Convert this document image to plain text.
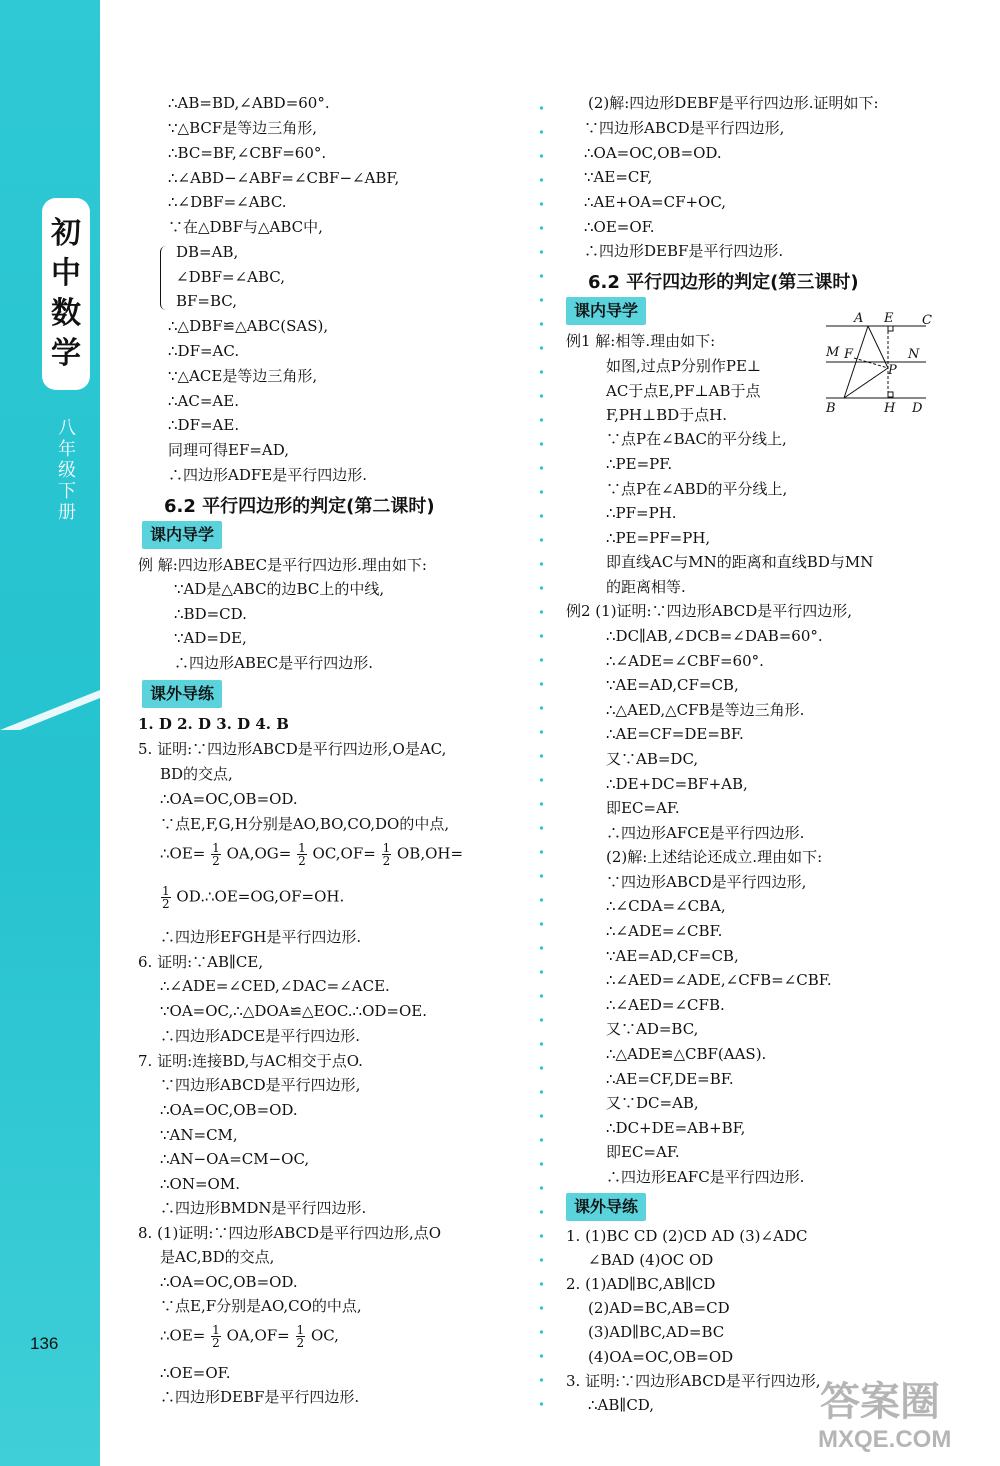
初
中
数
学
八
年
级
下
册
136
∴AB=BD,∠ABD=60°.
∵△BCF是等边三角形,
∴BC=BF,∠CBF=60°.
∴∠ABD−∠ABF=∠CBF−∠ABF,
∴∠DBF=∠ABC.
∵在△DBF与△ABC中,
DB=AB,
∠DBF=∠ABC,
BF=BC,
∴△DBF≌△ABC(SAS),
∴DF=AC.
∵△ACE是等边三角形,
∴AC=AE.
∴DF=AE.
同理可得EF=AD,
∴四边形ADFE是平行四边形.
6.2 平行四边形的判定(第二课时)
课内导学
例 解:四边形ABEC是平行四边形.理由如下:
∵AD是△ABC的边BC上的中线,
∴BD=CD.
∵AD=DE,
∴四边形ABEC是平行四边形.
课外导练
1. D 2. D 3. D 4. B
5. 证明:∵四边形ABCD是平行四边形,O是AC,
BD的交点,
∴OA=OC,OB=OD.
∵点E,F,G,H分别是AO,BO,CO,DO的中点,
∴OE= $\frac{1}{2} OA,OG= \frac{1}{2} OC,OF= \frac{1}{2} OB,OH=$
$\frac{1}{2}$ OD.∴OE=OG,OF=OH.
∴四边形EFGH是平行四边形.
6. 证明:∵AB∥CE,
∴∠ADE=∠CED,∠DAC=∠ACE.
∵OA=OC,∴△DOA≌△EOC.∴OD=OE.
∴四边形ADCE是平行四边形.
7. 证明:连接BD,与AC相交于点O.
∵四边形ABCD是平行四边形,
∴OA=OC,OB=OD.
∵AN=CM,
∴AN−OA=CM−OC,
∴ON=OM.
∴四边形BMDN是平行四边形.
8. (1)证明:∵四边形ABCD是平行四边形,点O
是AC,BD的交点,
∴OA=OC,OB=OD.
∵点E,F分别是AO,CO的中点,
∴OE= $\frac{1}{2} OA,OF= \frac{1}{2}$ OC,
∴OE=OF.
∴四边形DEBF是平行四边形.
(2)解:四边形DEBF是平行四边形.证明如下:
∵四边形ABCD是平行四边形,
∴OA=OC,OB=OD.
∵AE=CF,
∴AE+OA=CF+OC,
∴OE=OF.
∴四边形DEBF是平行四边形.
6.2 平行四边形的判定(第三课时)
课内导学
例1 解:相等.理由如下:
如图,过点P分别作PE⊥
AC于点E,PF⊥AB于点
F,PH⊥BD于点H.
∵点P在∠BAC的平分线上,
∴PE=PF.
∵点P在∠ABD的平分线上,
∴PF=PH.
∴PE=PF=PH,
即直线AC与MN的距离和直线BD与MN
的距离相等.
例2 (1)证明:∵四边形ABCD是平行四边形,
∴DC∥AB,∠DCB=∠DAB=60°.
∴∠ADE=∠CBF=60°.
∵AE=AD,CF=CB,
∴△AED,△CFB是等边三角形.
∴AE=CF=DE=BF.
又∵AB=DC,
∴DE+DC=BF+AB,
即EC=AF.
∴四边形AFCE是平行四边形.
(2)解:上述结论还成立.理由如下:
∵四边形ABCD是平行四边形,
∴∠CDA=∠CBA,
∴∠ADE=∠CBF.
∵AE=AD,CF=CB,
∴∠AED=∠ADE,∠CFB=∠CBF.
∴∠AED=∠CFB.
又∵AD=BC,
∴△ADE≌△CBF(AAS).
∴AE=CF,DE=BF.
又∵DC=AB,
∴DC+DE=AB+BF,
即EC=AF.
∴四边形EAFC是平行四边形.
课外导练
1. (1)BC CD (2)CD AD (3)∠ADC
∠BAD (4)OC OD
2. (1)AD∥BC,AB∥CD
(2)AD=BC,AB=CD
(3)AD∥BC,AD=BC
(4)OA=OC,OB=OD
3. 证明:∵四边形ABCD是平行四边形,
∴AB∥CD,
A E C
M F	N
P
B	H D
答案圈
MXQE.COM
